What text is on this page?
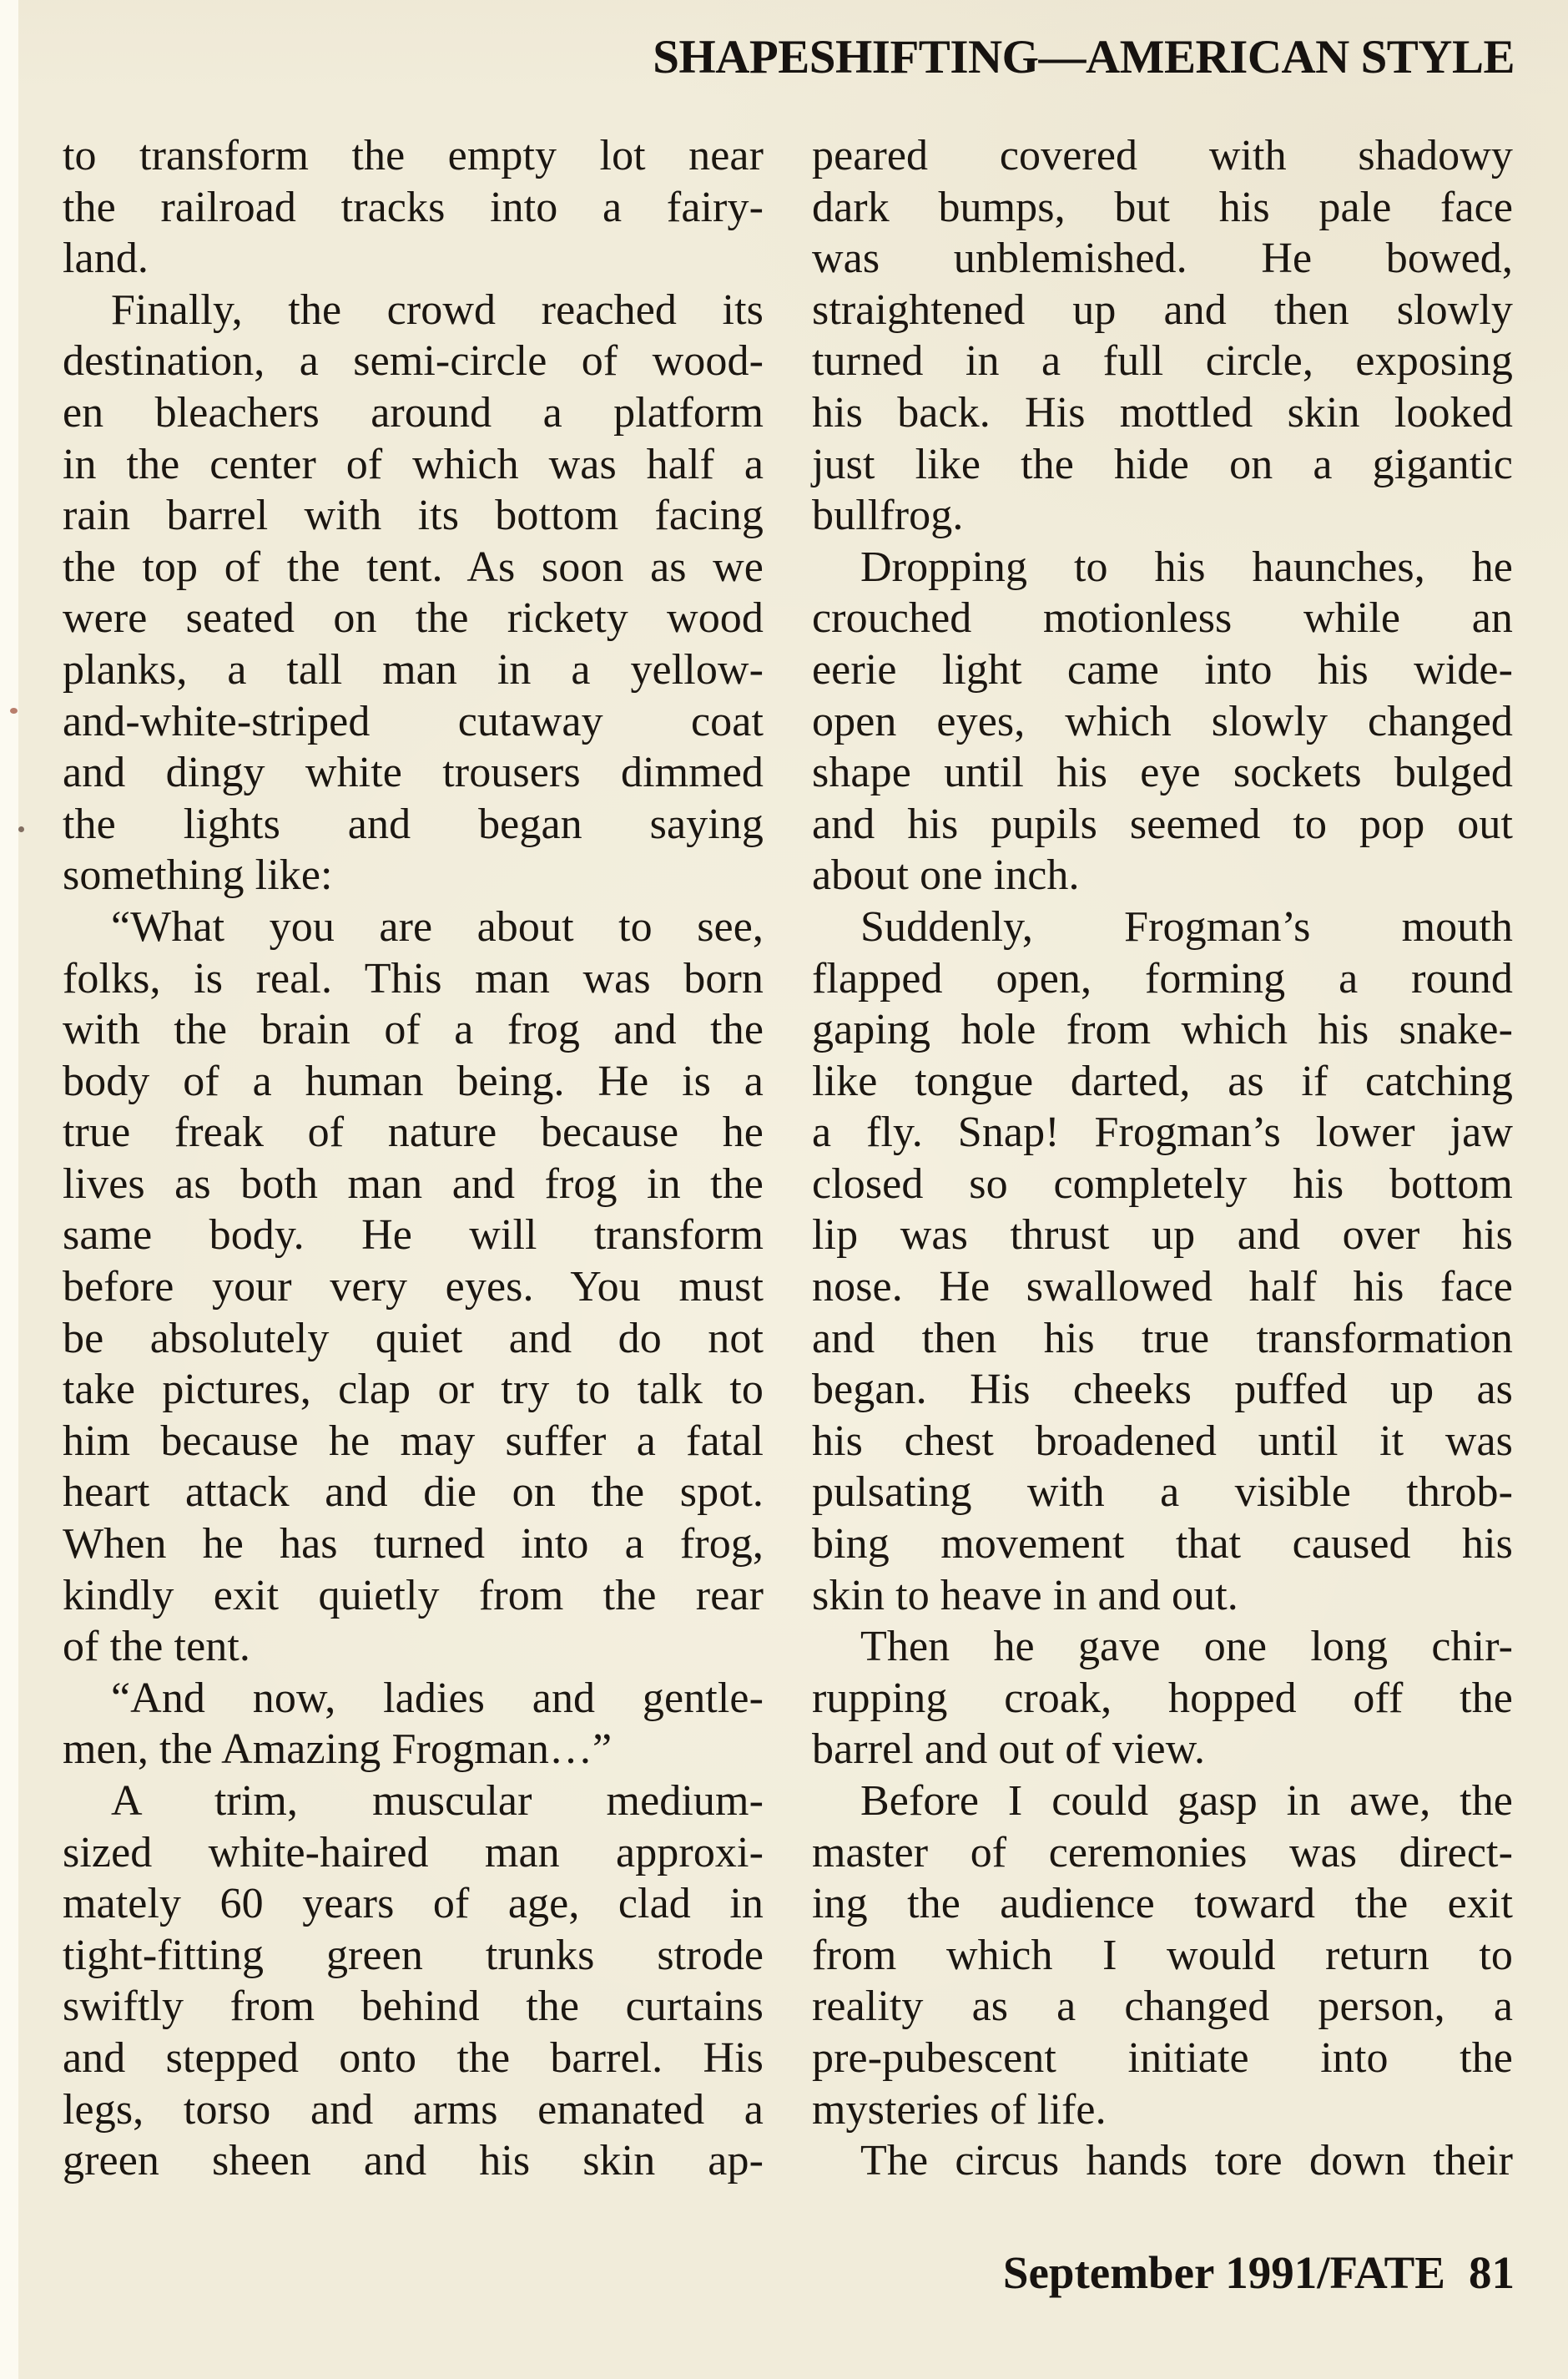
SHAPESHIFTING—AMERICAN STYLE
to transform the empty lot near
the railroad tracks into a fairy-
land.
Finally, the crowd reached its
destination, a semi-circle of wood-
en bleachers around a platform
in the center of which was half a
rain barrel with its bottom facing
the top of the tent. As soon as we
were seated on the rickety wood
planks, a tall man in a yellow-
and-white-striped cutaway coat
and dingy white trousers dimmed
the lights and began saying
something like:
“What you are about to see,
folks, is real. This man was born
with the brain of a frog and the
body of a human being. He is a
true freak of nature because he
lives as both man and frog in the
same body. He will transform
before your very eyes. You must
be absolutely quiet and do not
take pictures, clap or try to talk to
him because he may suffer a fatal
heart attack and die on the spot.
When he has turned into a frog,
kindly exit quietly from the rear
of the tent.
“And now, ladies and gentle-
men, the Amazing Frogman…”
A trim, muscular medium-
sized white-haired man approxi-
mately 60 years of age, clad in
tight-fitting green trunks strode
swiftly from behind the curtains
and stepped onto the barrel. His
legs, torso and arms emanated a
green sheen and his skin ap-
peared covered with shadowy
dark bumps, but his pale face
was unblemished. He bowed,
straightened up and then slowly
turned in a full circle, exposing
his back. His mottled skin looked
just like the hide on a gigantic
bullfrog.
Dropping to his haunches, he
crouched motionless while an
eerie light came into his wide-
open eyes, which slowly changed
shape until his eye sockets bulged
and his pupils seemed to pop out
about one inch.
Suddenly, Frogman’s mouth
flapped open, forming a round
gaping hole from which his snake-
like tongue darted, as if catching
a fly. Snap! Frogman’s lower jaw
closed so completely his bottom
lip was thrust up and over his
nose. He swallowed half his face
and then his true transformation
began. His cheeks puffed up as
his chest broadened until it was
pulsating with a visible throb-
bing movement that caused his
skin to heave in and out.
Then he gave one long chir-
rupping croak, hopped off the
barrel and out of view.
Before I could gasp in awe, the
master of ceremonies was direct-
ing the audience toward the exit
from which I would return to
reality as a changed person, a
pre-pubescent initiate into the
mysteries of life.
The circus hands tore down their
September 1991/FATE 81
